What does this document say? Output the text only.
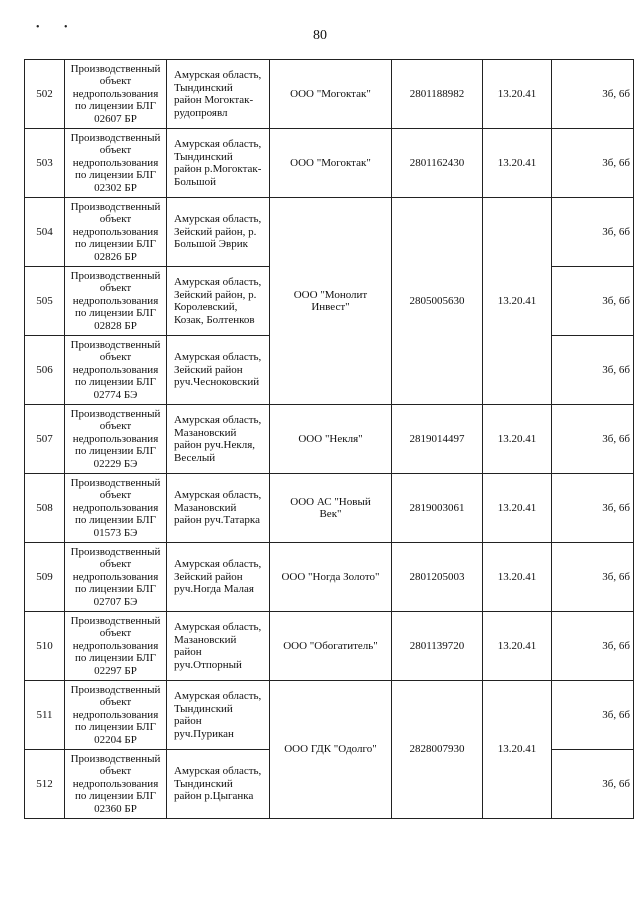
80
• •
502	Производственный
объект
недропользования
по лицензии БЛГ
02607 БР	Амурская область,
Тындинский
район Могоктак-
рудопроявл	ООО "Могоктак"	2801188982	13.20.41	3б, 6б
503	Производственный
объект
недропользования
по лицензии БЛГ
02302 БР	Амурская область,
Тындинский
район р.Могоктак-
Большой	ООО "Могоктак"	2801162430	13.20.41	3б, 6б
504	Производственный
объект
недропользования
по лицензии БЛГ
02826 БР	Амурская область,
Зейский район, р.
Большой Эврик	ООО "Монолит
Инвест"	2805005630	13.20.41	3б, 6б
505	Производственный
объект
недропользования
по лицензии БЛГ
02828 БР	Амурская область,
Зейский район, р.
Королевский,
Козак, Болтенков				3б, 6б
506	Производственный
объект
недропользования
по лицензии БЛГ
02774 БЭ	Амурская область,
Зейский район
руч.Чесноковский				3б, 6б
507	Производственный
объект
недропользования
по лицензии БЛГ
02229 БЭ	Амурская область,
Мазановский
район руч.Некля,
Веселый	ООО "Некля"	2819014497	13.20.41	3б, 6б
508	Производственный
объект
недропользования
по лицензии БЛГ
01573 БЭ	Амурская область,
Мазановский
район руч.Татарка	ООО АС "Новый
Век"	2819003061	13.20.41	3б, 6б
509	Производственный
объект
недропользования
по лицензии БЛГ
02707 БЭ	Амурская область,
Зейский район
руч.Ногда Малая	ООО "Ногда Золото"	2801205003	13.20.41	3б, 6б
510	Производственный
объект
недропользования
по лицензии БЛГ
02297 БР	Амурская область,
Мазановский
район
руч.Отпорный	ООО "Обогатитель"	2801139720	13.20.41	3б, 6б
511	Производственный
объект
недропользования
по лицензии БЛГ
02204 БР	Амурская область,
Тындинский
район
руч.Пурикан	ООО ГДК "Одолго"	2828007930	13.20.41	3б, 6б
512	Производственный
объект
недропользования
по лицензии БЛГ
02360 БР	Амурская область,
Тындинский
район р.Цыганка				3б, 6б
